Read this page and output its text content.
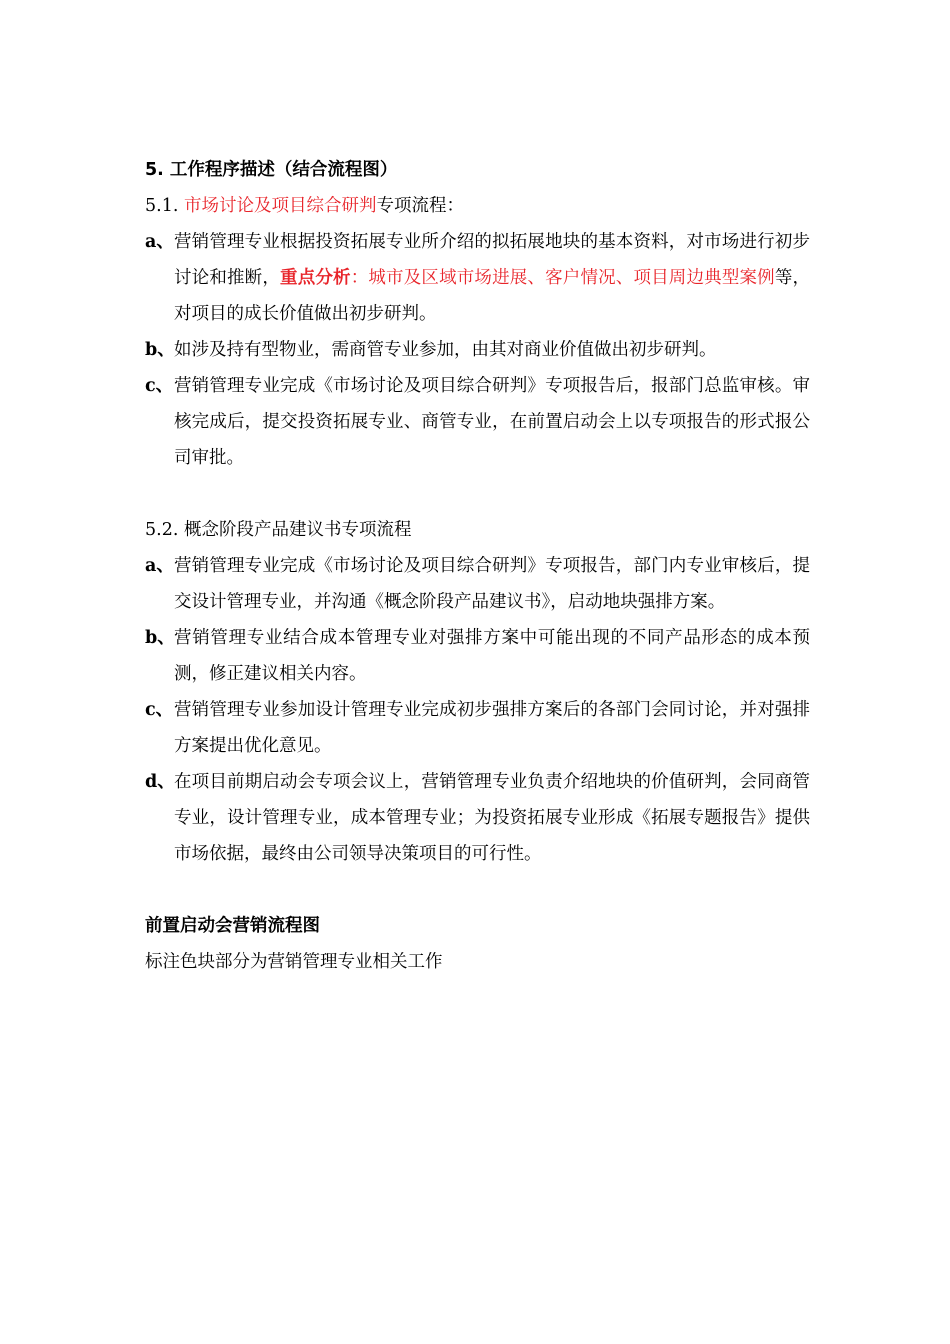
5. 工作程序描述（结合流程图）
5.1. 市场讨论及项目综合研判专项流程：
a、 营销管理专业根据投资拓展专业所介绍的拟拓展地块的基本资料，对市场进行初步讨论和推断，重点分析：城市及区域市场进展、客户情况、项目周边典型案例等，对项目的成长价值做出初步研判。
b、 如涉及持有型物业，需商管专业参加，由其对商业价值做出初步研判。
c、 营销管理专业完成《市场讨论及项目综合研判》专项报告后，报部门总监审核。审核完成后，提交投资拓展专业、商管专业，在前置启动会上以专项报告的形式报公司审批。
5.2. 概念阶段产品建议书专项流程
a、 营销管理专业完成《市场讨论及项目综合研判》专项报告，部门内专业审核后，提交设计管理专业，并沟通《概念阶段产品建议书》，启动地块强排方案。
b、 营销管理专业结合成本管理专业对强排方案中可能出现的不同产品形态的成本预测，修正建议相关内容。
c、 营销管理专业参加设计管理专业完成初步强排方案后的各部门会同讨论，并对强排方案提出优化意见。
d、 在项目前期启动会专项会议上，营销管理专业负责介绍地块的价值研判，会同商管专业，设计管理专业，成本管理专业；为投资拓展专业形成《拓展专题报告》提供市场依据，最终由公司领导决策项目的可行性。
前置启动会营销流程图
标注色块部分为营销管理专业相关工作
